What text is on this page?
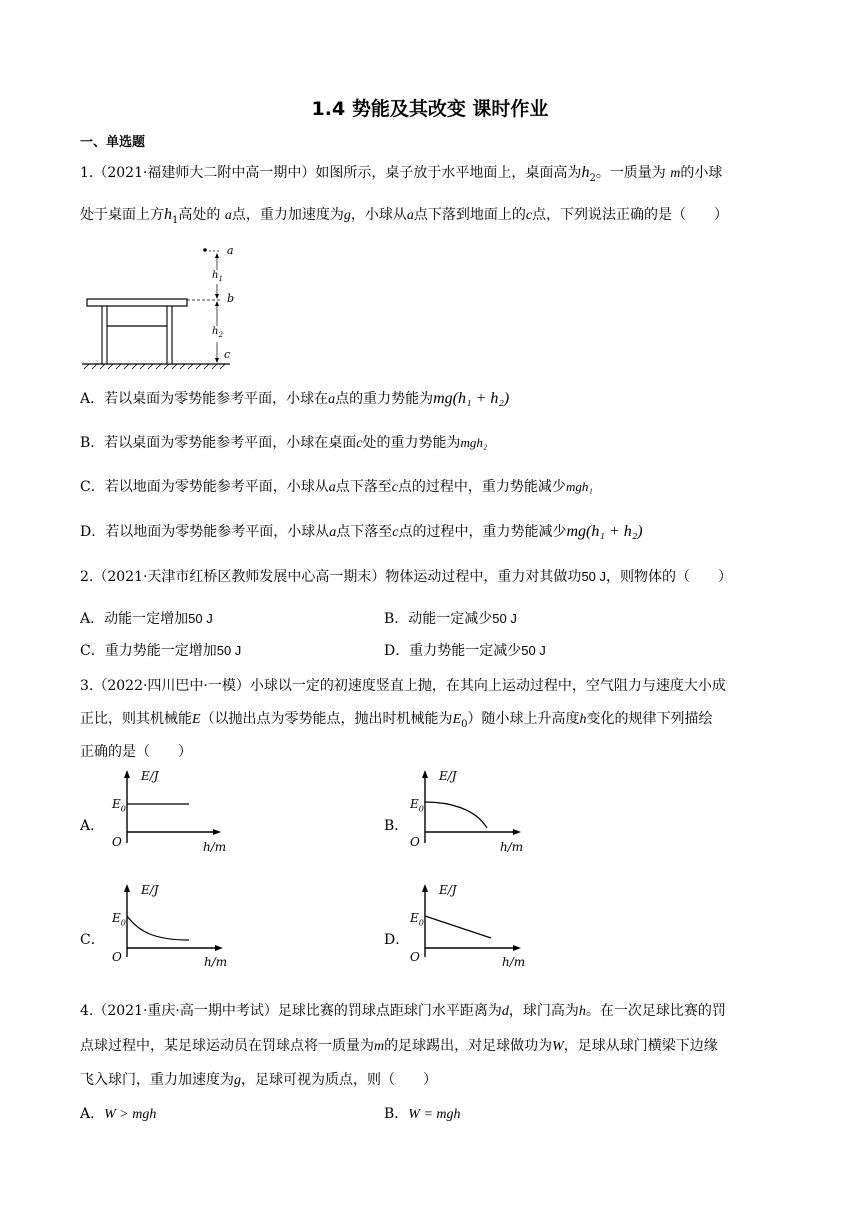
1.4 势能及其改变 课时作业
一、单选题
1.（2021·福建师大二附中高一期中）如图所示，桌子放于水平地面上，桌面高为$h_2$。一质量为 m的小球
处于桌面上方$h_1$高处的 a点，重力加速度为g，小球从a点下落到地面上的c点，下列说法正确的是（　　）
a
b
c
$h_1$
$h_2$
A．若以桌面为零势能参考平面，小球在a点的重力势能为mg(h₁ + h₂)
B．若以桌面为零势能参考平面，小球在桌面c处的重力势能为mgh₂
C．若以地面为零势能参考平面，小球从a点下落至c点的过程中，重力势能减少mgh₁
D．若以地面为零势能参考平面，小球从a点下落至c点的过程中，重力势能减少mg(h₁ + h₂)
2.（2021·天津市红桥区教师发展中心高一期末）物体运动过程中，重力对其做功50 J，则物体的（　　）
A．动能一定增加50 J	B．动能一定减少50 J
C．重力势能一定增加50 J	D．重力势能一定减少50 J
3.（2022·四川巴中·一模）小球以一定的初速度竖直上抛，在其向上运动过程中，空气阻力与速度大小成
正比，则其机械能E（以抛出点为零势能点，抛出时机械能为$E_0$）随小球上升高度h变化的规律下列描绘
正确的是（　　）
A．
E/J
$E_0$
O	h/m
B．
E/J
$E_0$
O	h/m
C．
E/J
$E_0$
O	h/m
D．
E/J
$E_0$
O	h/m
4.（2021·重庆·高一期中考试）足球比赛的罚球点距球门水平距离为d，球门高为h。在一次足球比赛的罚
点球过程中，某足球运动员在罚球点将一质量为m的足球踢出，对足球做功为W，足球从球门横梁下边缘
飞入球门，重力加速度为g，足球可视为质点，则（　　）
A．W > mgh	B．W = mgh
